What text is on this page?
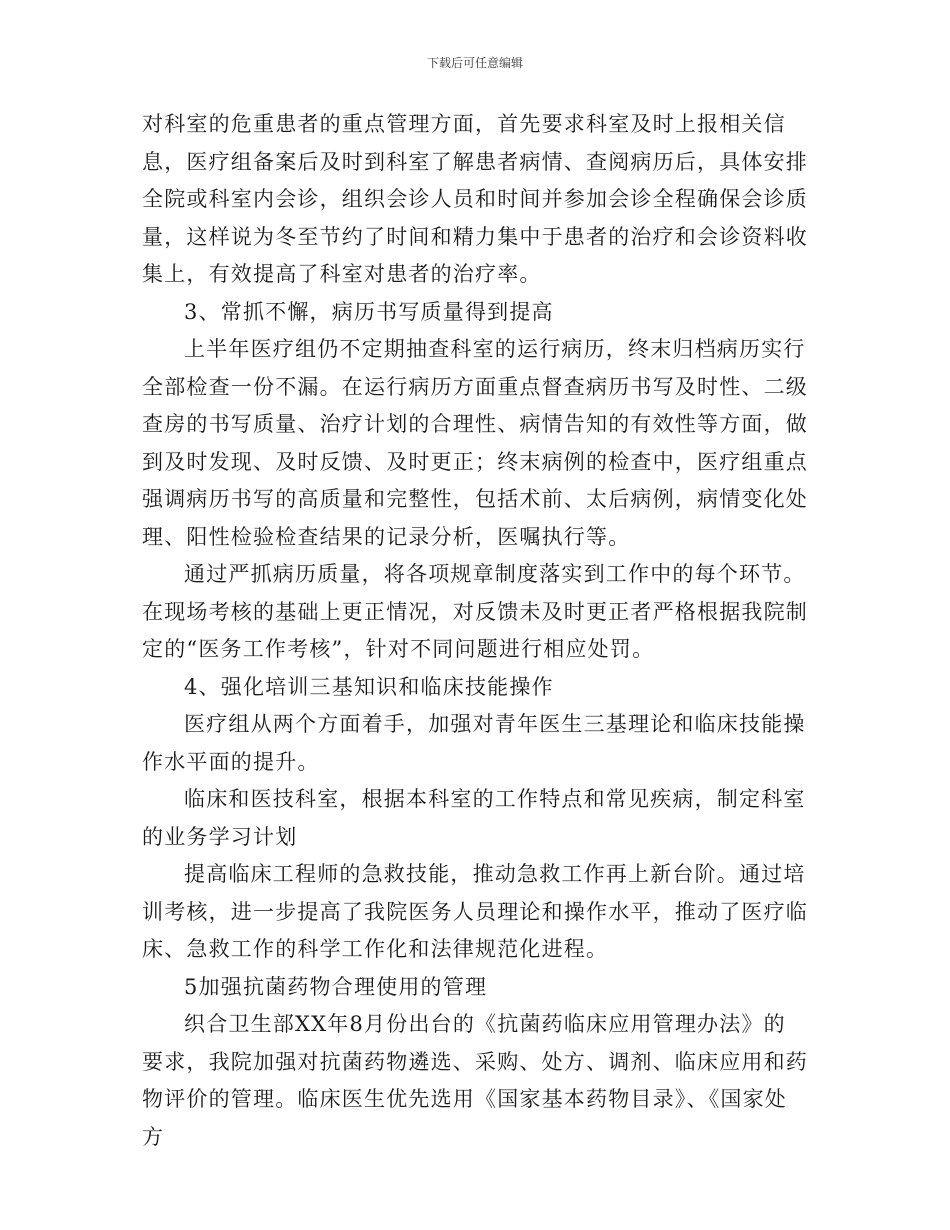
下载后可任意编辑

对科室的危重患者的重点管理方面，首先要求科室及时上报相关信息，医疗组备案后及时到科室了解患者病情、查阅病历后，具体安排全院或科室内会诊，组织会诊人员和时间并参加会诊全程确保会诊质量，这样说为冬至节约了时间和精力集中于患者的治疗和会诊资料收集上，有效提高了科室对患者的治疗率。

3、常抓不懈，病历书写质量得到提高

上半年医疗组仍不定期抽查科室的运行病历，终末归档病历实行全部检查一份不漏。在运行病历方面重点督查病历书写及时性、二级查房的书写质量、治疗计划的合理性、病情告知的有效性等方面，做到及时发现、及时反馈、及时更正；终末病例的检查中，医疗组重点强调病历书写的高质量和完整性，包括术前、太后病例，病情变化处理、阳性检验检查结果的记录分析，医嘱执行等。

通过严抓病历质量，将各项规章制度落实到工作中的每个环节。在现场考核的基础上更正情况，对反馈未及时更正者严格根据我院制定的“医务工作考核”，针对不同问题进行相应处罚。

4、强化培训三基知识和临床技能操作

医疗组从两个方面着手，加强对青年医生三基理论和临床技能操作水平面的提升。

临床和医技科室，根据本科室的工作特点和常见疾病，制定科室的业务学习计划

提高临床工程师的急救技能，推动急救工作再上新台阶。通过培训考核，进一步提高了我院医务人员理论和操作水平，推动了医疗临床、急救工作的科学工作化和法律规范化进程。

5加强抗菌药物合理使用的管理

织合卫生部XX年8月份出台的《抗菌药临床应用管理办法》的要求，我院加强对抗菌药物遴选、采购、处方、调剂、临床应用和药物评价的管理。临床医生优先选用《国家基本药物目录》、《国家处方
